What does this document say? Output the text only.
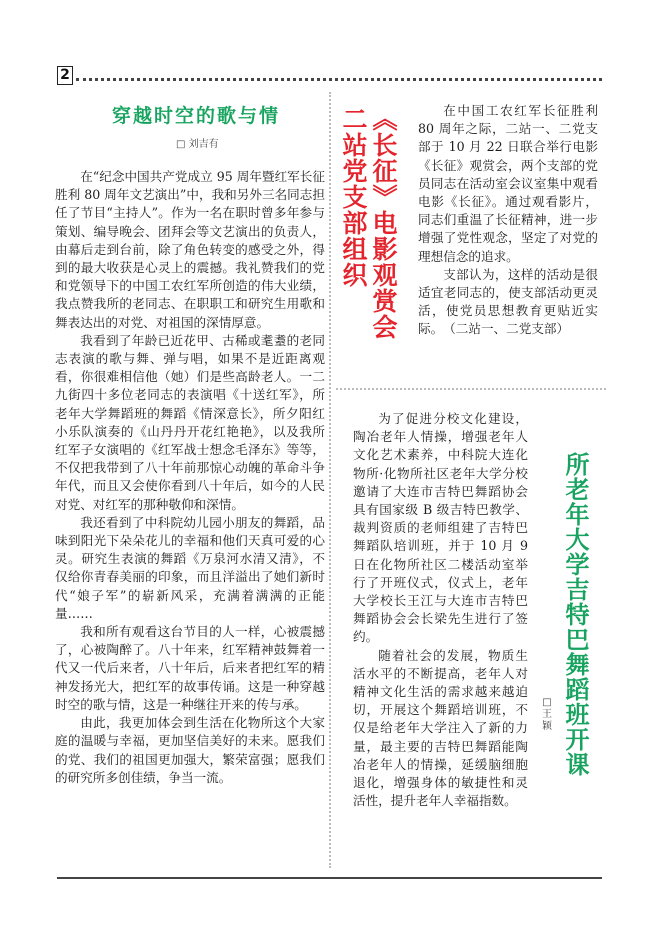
2
穿越时空的歌与情
□ 刘吉有

在“纪念中国共产党成立 95 周年暨红军长征胜利 80 周年文艺演出”中，我和另外三名同志担任了节目“主持人”。作为一名在职时曾多年参与策划、编导晚会、团拜会等文艺演出的负责人，由幕后走到台前，除了角色转变的感受之外，得到的最大收获是心灵上的震撼。我礼赞我们的党和党领导下的中国工农红军所创造的伟大业绩，我点赞我所的老同志、在职职工和研究生用歌和舞表达出的对党、对祖国的深情厚意。

我看到了年龄已近花甲、古稀或耄耋的老同志表演的歌与舞、弹与唱，如果不是近距离观看，你很难相信他（她）们是些高龄老人。一二九街四十多位老同志的表演唱《十送红军》，所老年大学舞蹈班的舞蹈《情深意长》，所夕阳红小乐队演奏的《山丹丹开花红艳艳》，以及我所红军子女演唱的《红军战士想念毛泽东》等等，不仅把我带到了八十年前那惊心动魄的革命斗争年代，而且又会使你看到八十年后，如今的人民对党、对红军的那种敬仰和深情。

我还看到了中科院幼儿园小朋友的舞蹈，品味到阳光下朵朵花儿的幸福和他们天真可爱的心灵。研究生表演的舞蹈《万泉河水清又清》，不仅给你青春美丽的印象，而且洋溢出了她们新时代“娘子军”的崭新风采，充满着满满的正能量……

我和所有观看这台节目的人一样，心被震撼了，心被陶醉了。八十年来，红军精神鼓舞着一代又一代后来者，八十年后，后来者把红军的精神发扬光大，把红军的故事传诵。这是一种穿越时空的歌与情，这是一种继往开来的传与承。

由此，我更加体会到生活在化物所这个大家庭的温暖与幸福，更加坚信美好的未来。愿我们的党、我们的祖国更加强大，繁荣富强；愿我们的研究所多创佳绩，争当一流。

《长征》电影观赏会 二站党支部组织	在中国工农红军长征胜利 80 周年之际，二站一、二党支部于 10 月 22 日联合举行电影《长征》观赏会，两个支部的党员同志在活动室会议室集中观看电影《长征》。通过观看影片，同志们重温了长征精神，进一步增强了党性观念，坚定了对党的理想信念的追求。

支部认为，这样的活动是很适宜老同志的，使支部活动更灵活，使党员思想教育更贴近实际。　（二站一、二党支部）

为了促进分校文化建设，陶冶老年人情操，增强老年人文化艺术素养，中科院大连化物所·化物所社区老年大学分校邀请了大连市吉特巴舞蹈协会具有国家级 B 级吉特巴教学、裁判资质的老师组建了吉特巴舞蹈队培训班，并于 10 月 9 日在化物所社区二楼活动室举行了开班仪式，仪式上，老年大学校长王江与大连市吉特巴舞蹈协会会长梁先生进行了签约。

随着社会的发展，物质生活水平的不断提高，老年人对精神文化生活的需求越来越迫切，开展这个舞蹈培训班，不仅是给老年大学注入了新的力量，最主要的吉特巴舞蹈能陶冶老年人的情操，延缓脑细胞退化，增强身体的敏捷性和灵活性，提升老年人幸福指数。

□ 王颖 所老年大学吉特巴舞蹈班开课
